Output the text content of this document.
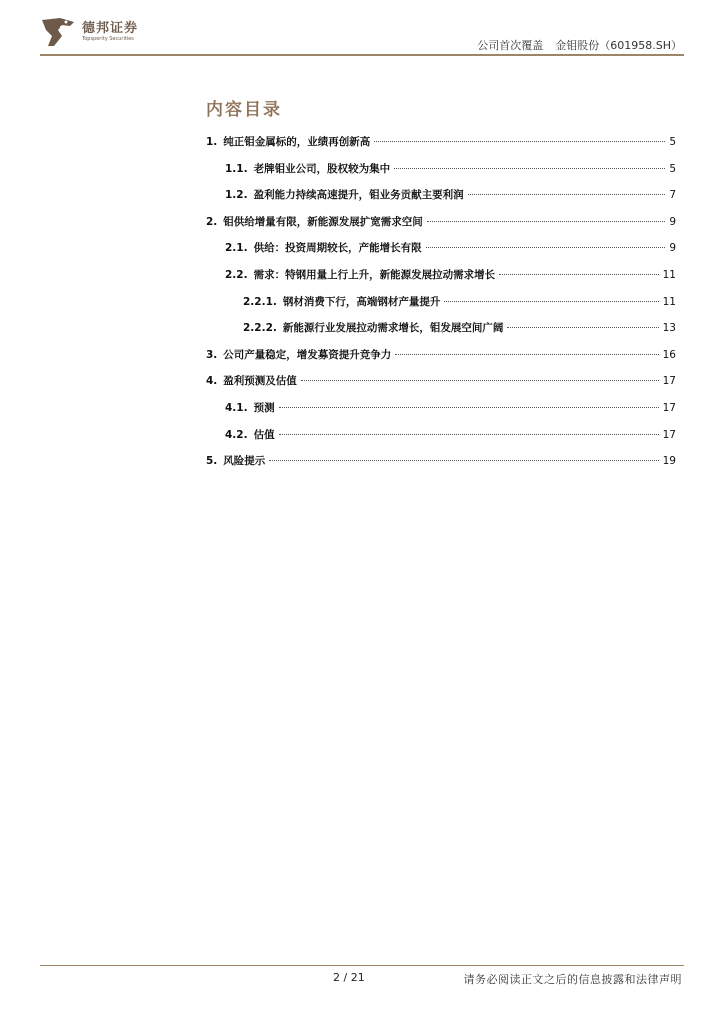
德邦证券
Topsperity Securities
公司首次覆盖 金钼股份（601958.SH）
内容目录
1. 纯正钼金属标的，业绩再创新高	5
1.1. 老牌钼业公司，股权较为集中	5
1.2. 盈利能力持续高速提升，钼业务贡献主要利润	7
2. 钼供给增量有限，新能源发展扩宽需求空间	9
2.1. 供给：投资周期较长，产能增长有限	9
2.2. 需求：特钢用量上行上升，新能源发展拉动需求增长	11
2.2.1. 钢材消费下行，高端钢材产量提升	11
2.2.2. 新能源行业发展拉动需求增长，钼发展空间广阔	13
3. 公司产量稳定，增发募资提升竞争力	16
4. 盈利预测及估值	17
4.1. 预测	17
4.2. 估值	17
5. 风险提示	19
2 / 21	请务必阅读正文之后的信息披露和法律声明
